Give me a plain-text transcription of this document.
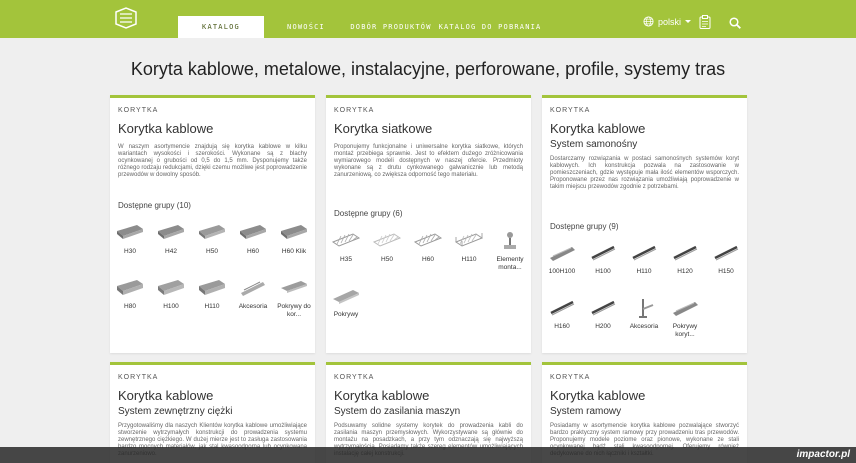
KATALOG	NOWOŚCI	DOBÓR PRODUKTÓW KATALOG DO POBRANIA
polski
Koryta kablowe, metalowe, instalacyjne, perforowane, profile, systemy tras
KORYTKA
Korytka kablowe
W naszym asortymencie znajdują się korytka kablowe w kilku wariantach wysokości i szerokości. Wykonane są z blachy ocynkowanej o grubości od 0,5 do 1,5 mm. Dysponujemy także różnego rodzaju redukcjami, dzięki czemu możliwe jest poprowadzenie przewodów w dowolny sposób.
Dostępne grupy (10)
H30	H42	H50	H60	H60 Klik
H80	H100	H110	Akcesoria	Pokrywy do kor...
KORYTKA
Korytka siatkowe
Proponujemy funkcjonalne i uniwersalne korytka siatkowe, których montaż przebiega sprawnie. Jest to efektem dużego zróżnicowania wymiarowego modeli dostępnych w naszej ofercie. Przedmioty wykonane są z drutu cynkowanego galwanicznie lub metodą zanurzeniową, co zwiększa odporność tego materiału.
Dostępne grupy (6)
H35	H50	H60	H110	Elementy monta...
Pokrywy
KORYTKA
Korytka kablowe
System samonośny
Dostarczamy rozwiązania w postaci samonośnych systemów koryt kablowych. Ich konstrukcja pozwala na zastosowanie w pomieszczeniach, gdzie występuje mała ilość elementów wsporczych. Proponowane przez nas rozwiązania umożliwiają poprowadzenie w takim miejscu przewodów zgodnie z potrzebami.
Dostępne grupy (9)
100H100	H100	H110	H120	H150
H160	H200	Akcesoria	Pokrywy koryt...
KORYTKA
Korytka kablowe
System zewnętrzny ciężki
Przygotowaliśmy dla naszych Klientów korytka kablowe umożliwiające stworzenie wytrzymałych konstrukcji do prowadzenia systemu zewnętrznego ciężkiego. W dużej mierze jest to zasługa zastosowania
KORYTKA
Korytka kablowe
System do zasilania maszyn
Podsuwamy solidne systemy korytek do prowadzenia kabli do zasilania maszyn przemysłowych. Wykorzystywane są głównie do montażu na posadzkach, a przy tym odznaczają się najwyższą
KORYTKA
Korytka kablowe
System ramowy
Posiadamy w asortymencie korytka kablowe pozwalające stworzyć bardzo praktyczny system ramowy przy prowadzeniu tras przewodów. Proponujemy modele poziome oraz pionowe, wykonane ze stali
impactor.pl
